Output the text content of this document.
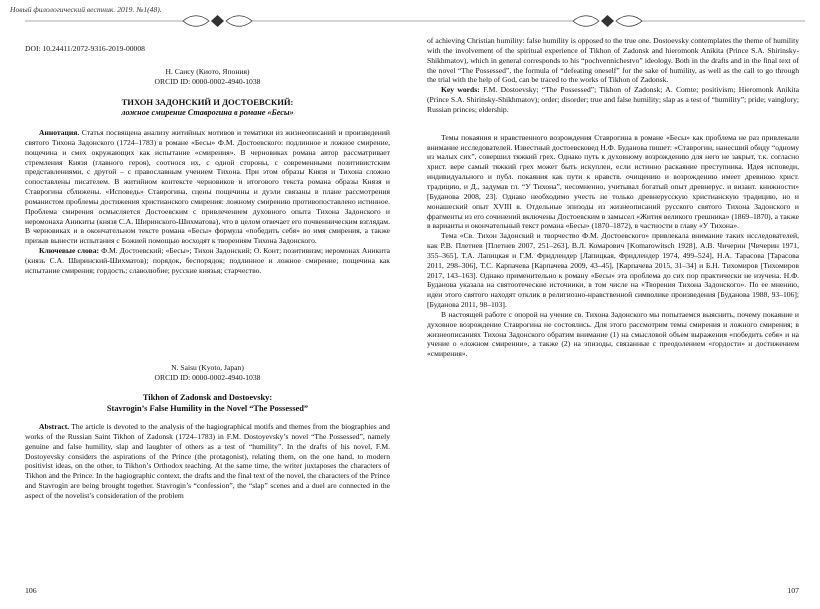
Новый филологический вестник. 2019. №1(48).

DOI: 10.24411/2072-9316-2019-00008

Н. Саису (Киото, Япония)

ORCID ID: 0000-0002-4940-1038

ТИХОН ЗАДОНСКИЙ И ДОСТОЕВСКИЙ:

ложное смирение Ставрогина в романе «Бесы»

Аннотация. Статья посвящена анализу житийных мотивов и тематики из жизнеописаний и произведений святого Тихона Задонского (1724–1783) в романе «Бесы» Ф.М. Достоевского: подлинное и ложное смирение, пощечина и смех окружающих как испытание «смирения». В черновиках романа автор рассматривает стремления Князя (главного героя), соотнося их, с одной стороны, с современными позитивистским представлениями, с другой – с православным учением Тихона. При этом образы Князя и Тихона сложно сопоставлены писателем. В житийном контексте черновиков и итогового текста романа образы Князя и Ставрогина сближены. «Исповедь» Ставрогина, сцены пощечины и дуэли связаны в плане рассмотрения романистом проблемы достижения христианского смирения: ложному смирению противопоставлено истинное. Проблема смирения осмысляется Достоевским с привлечением духовного опыта Тихона Задонского и иеромонаха Аникиты (князя С.А. Ширинского-Шихматова), что в целом отвечает его почвенническим взглядам. В черновиках и в окончательном тексте романа «Бесы» формула «победить себя» во имя смирения, а также призыв вынести испытания с Божией помощью восходят к творениям Тихона Задонского.

Ключевые слова: Ф.М. Достоевский; «Бесы»; Тихон Задонский; О. Конт; позитивизм; иеромонах Аникита (князь С.А. Ширинский-Шихматов); порядок, беспорядок; подлинное и ложное смирение; пощечина как испытание смирения; гордость; славолюбие; русские князья; старчество.

N. Saisu (Kyoto, Japan)

ORCID ID: 0000-0002-4940-1038

Tikhon of Zadonsk and Dostoevsky:

Stavrogin’s False Humility in the Novel “The Possessed”

Abstract. The article is devoted to the analysis of the hagiographical motifs and themes from the biographies and works of the Russian Saint Tikhon of Zadonsk (1724–1783) in F.M. Dostoyevsky’s novel “The Possessed”, namely genuine and false humility, slap and laughter of others as a test of “humility”. In the drafts of his novel, F.M. Dostoyevsky considers the aspirations of the Prince (the protagonist), relating them, on the one hand, to modern positivist ideas, on the other, to Tikhon’s Orthodox teaching. At the same time, the writer juxtaposes the characters of Tikhon and the Prince. In the hagiographic context, the drafts and the final text of the novel, the characters of the Prince and Stavrogin are being brought together. Stavrogin’s “confession”, the “slap” scenes and a duel are connected in the aspect of the novelist’s consideration of the problem

106

of achieving Christian humility: false humility is opposed to the true one. Dostoevsky contemplates the theme of humility with the involvement of the spiritual experience of Tikhon of Zadonsk and hieromonk Anikita (Prince S.A. Shirinsky-Shikhmatov), which in general corresponds to his “pochvennichestvo” ideology. Both in the drafts and in the final text of the novel “The Possessed”, the formula of “defeating oneself” for the sake of humility, as well as the call to go through the trial with the help of God, can be traced to the works of Tikhon of Zadonsk.

Key words: F.M. Dostoevsky; “The Possessed”; Tikhon of Zadonsk; A. Comte; positivism; Hieromonk Anikita (Prince S.A. Shirinsky-Shikhmatov); order; disorder; true and false humility; slap as a test of “humility”; pride; vainglory; Russian princes; eldership.

Темы покаяния и нравственного возрождения Ставрогина в романе «Бесы» как проблема не раз привлекали внимание исследователей. Известный достоевсковед Н.Ф. Буданова пишет: «Ставрогин, нанесший обиду “одному из малых сих”, совершил тяжкий грех. Однако путь к духовному возрождению для него не закрыт, т.к. согласно христ. вере самый тяжкий грех может быть искуплен, если истинно раскаяние преступника. Идея исповеди, индивидуального и публ. покаяния как пути к нравств. очищению и возрождению имеет древнюю христ. традицию, и Д., задумав гл. “У Тихона”, несомненно, учитывал богатый опыт древнерус. и визант. книжности» [Буданова 2008, 23]. Однако необходимо учесть не только древнерусскую христианскую традицию, но и монашеский опыт XVIII в. Отдельные эпизоды из жизнеописаний русского святого Тихона Задонского и фрагменты из его сочинений включены Достоевским в замысел «Жития великого грешника» (1869–1870), а также в варианты и окончательный текст романа «Бесы» (1870–1872), в частности в главу «У Тихона».

Тема «Св. Тихон Задонский и творчество Ф.М. Достоевского» привлекала внимание таких исследователей, как Р.В. Плетнев [Плетнев 2007, 251–263], В.Л. Комарович [Komarowitsch 1928], А.В. Чичерин [Чичерин 1971, 355–365], Т.А. Лапицкая и Г.М. Фридлендер [Лапицкая, Фридлендер 1974, 499–524], Н.А. Тарасова [Тарасова 2011, 298–306], Т.С. Карпачева [Карпачева 2009, 43–45], [Карпачева 2015, 31–34] и Б.Н. Тихомиров [Тихомиров 2017, 143–163]. Однако применительно к роману «Бесы» эта проблема до сих пор практически не изучена. Н.Ф. Буданова указала на святоотеческие источники, в том числе на «Творения Тихона Задонского». По ее мнению, идеи этого святого находят отклик в религиозно-нравственной символике произведения [Буданова 1988, 93–106]; [Буданова 2011, 98–103].

В настоящей работе с опорой на учение св. Тихона Задонского мы попытаемся выяснить, почему покаяние и духовное возрождение Ставрогина не состоялись. Для этого рассмотрим темы смирения и ложного смирения; в жизнеописаниях Тихона Задонского обратим внимание (1) на смысловой объем выражения «победить себя» и на учение о «ложном смирении», а также (2) на эпизоды, связанные с преодолением «гордости» и достижением «смирения».

107
